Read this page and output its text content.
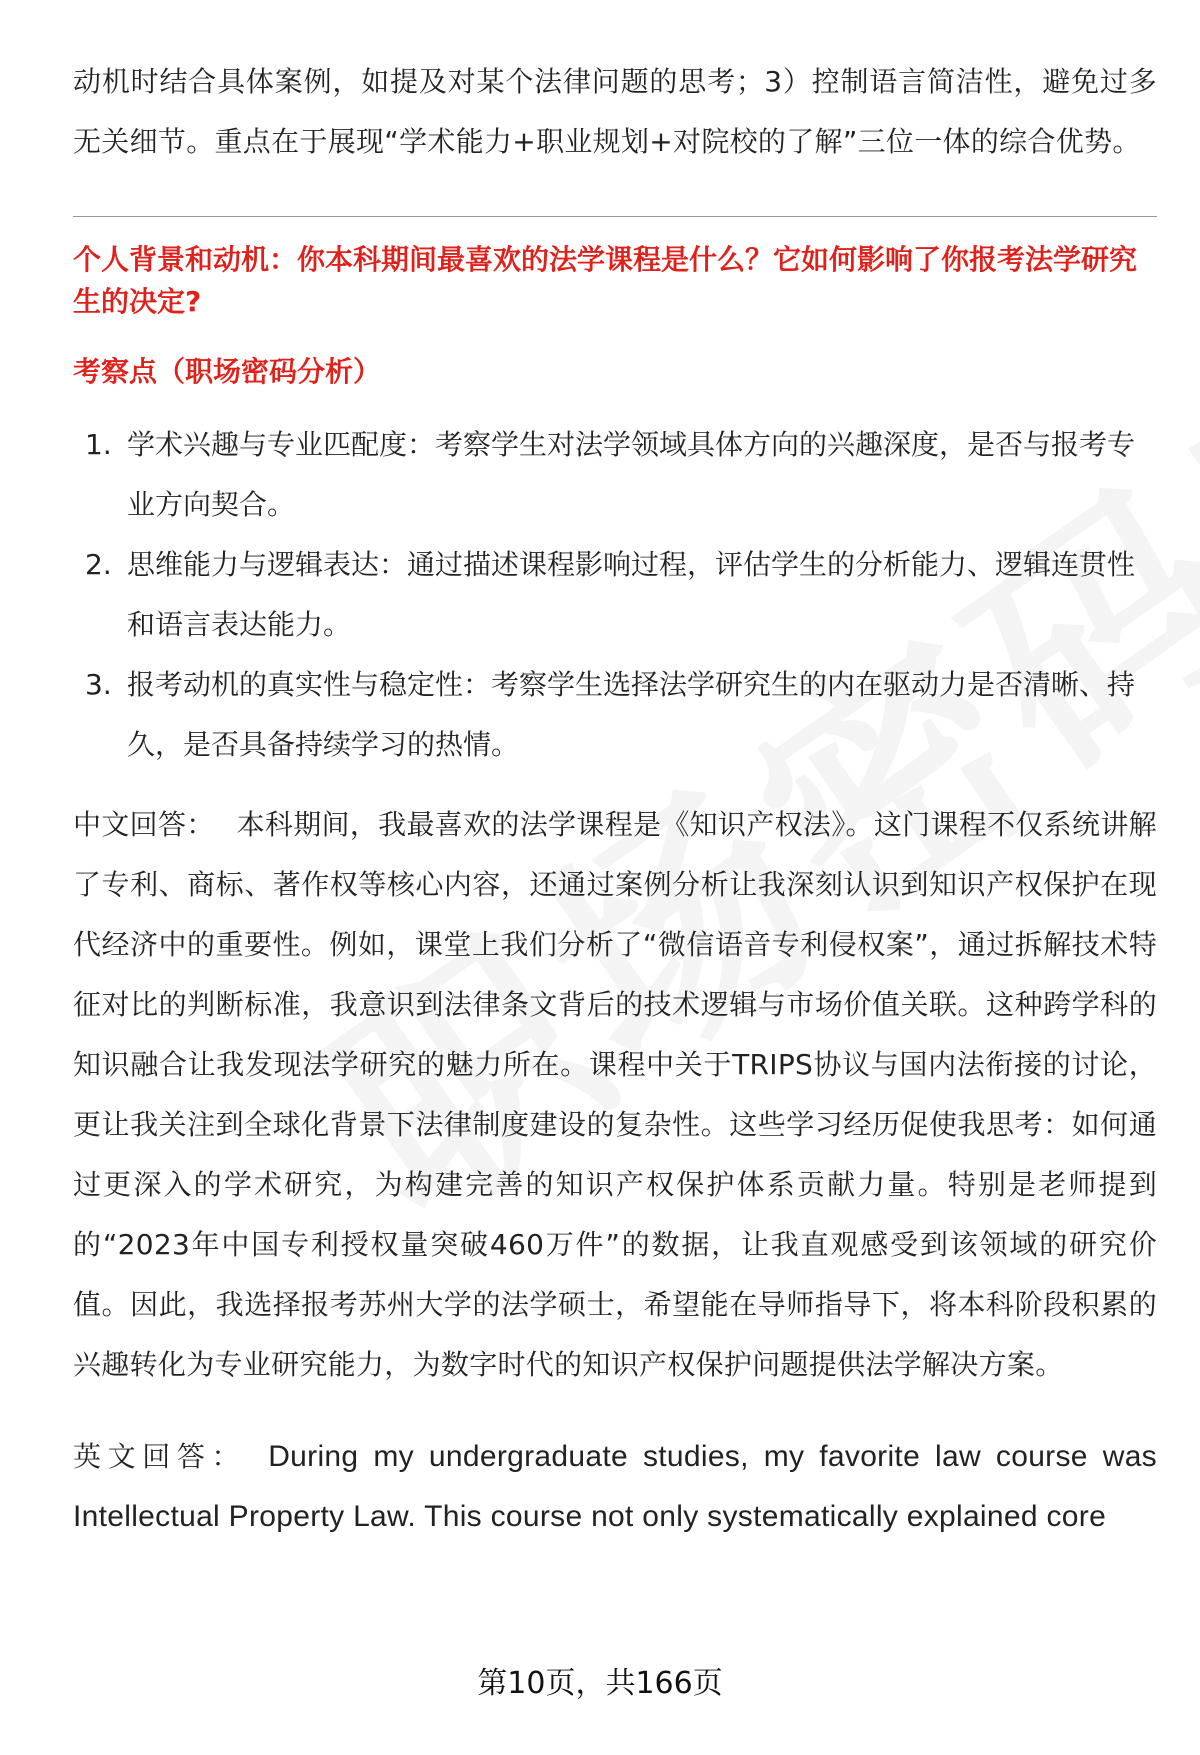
动机时结合具体案例，如提及对某个法律问题的思考；3）控制语言简洁性，避免过多无关细节。重点在于展现“学术能力+职业规划+对院校的了解”三位一体的综合优势。

个人背景和动机：你本科期间最喜欢的法学课程是什么？它如何影响了你报考法学研究生的决定?
考察点（职场密码分析）
1. 学术兴趣与专业匹配度：考察学生对法学领域具体方向的兴趣深度，是否与报考专业方向契合。
2. 思维能力与逻辑表达：通过描述课程影响过程，评估学生的分析能力、逻辑连贯性和语言表达能力。
3. 报考动机的真实性与稳定性：考察学生选择法学研究生的内在驱动力是否清晰、持久，是否具备持续学习的热情。

中文回答： 本科期间，我最喜欢的法学课程是《知识产权法》。这门课程不仅系统讲解了专利、商标、著作权等核心内容，还通过案例分析让我深刻认识到知识产权保护在现代经济中的重要性。例如，课堂上我们分析了“微信语音专利侵权案”，通过拆解技术特征对比的判断标准，我意识到法律条文背后的技术逻辑与市场价值关联。这种跨学科的知识融合让我发现法学研究的魅力所在。课程中关于TRIPS协议与国内法衔接的讨论，更让我关注到全球化背景下法律制度建设的复杂性。这些学习经历促使我思考：如何通过更深入的学术研究，为构建完善的知识产权保护体系贡献力量。特别是老师提到的“2023年中国专利授权量突破460万件”的数据，让我直观感受到该领域的研究价值。因此，我选择报考苏州大学的法学硕士，希望能在导师指导下，将本科阶段积累的兴趣转化为专业研究能力，为数字时代的知识产权保护问题提供法学解决方案。

英文回答： During my undergraduate studies, my favorite law course was Intellectual Property Law. This course not only systematically explained core

第10页，共166页
